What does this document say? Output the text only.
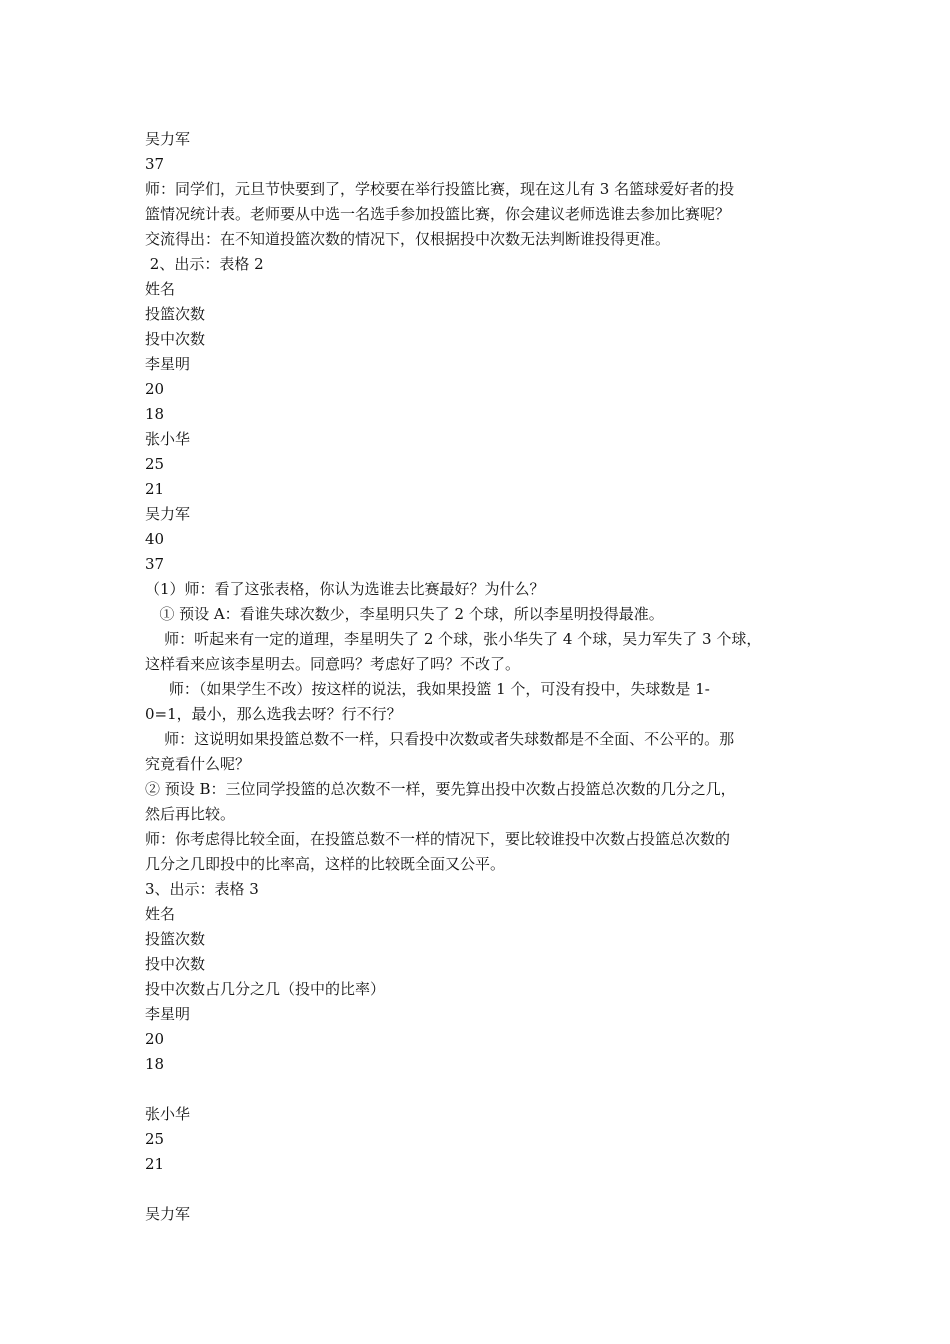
吴力军
37
师：同学们，元旦节快要到了，学校要在举行投篮比赛，现在这儿有 3 名篮球爱好者的投
篮情况统计表。老师要从中选一名选手参加投篮比赛，你会建议老师选谁去参加比赛呢？
交流得出：在不知道投篮次数的情况下，仅根据投中次数无法判断谁投得更准。
2、出示：表格 2
姓名
投篮次数
投中次数
李星明
20
18
张小华
25
21
吴力军
40
37
（1）师：看了这张表格，你认为选谁去比赛最好？为什么？
① 预设 A：看谁失球次数少，李星明只失了 2 个球，所以李星明投得最准。
师：听起来有一定的道理，李星明失了 2 个球，张小华失了 4 个球，吴力军失了 3 个球，
这样看来应该李星明去。同意吗？考虑好了吗？不改了。
师：（如果学生不改）按这样的说法，我如果投篮 1 个，可没有投中，失球数是 1-
0=1，最小，那么选我去呀？行不行？
师：这说明如果投篮总数不一样，只看投中次数或者失球数都是不全面、不公平的。那
究竟看什么呢？
② 预设 B：三位同学投篮的总次数不一样，要先算出投中次数占投篮总次数的几分之几，
然后再比较。
师：你考虑得比较全面，在投篮总数不一样的情况下，要比较谁投中次数占投篮总次数的
几分之几即投中的比率高，这样的比较既全面又公平。
3、出示：表格 3
姓名
投篮次数
投中次数
投中次数占几分之几（投中的比率）
李星明
20
18
张小华
25
21
吴力军
